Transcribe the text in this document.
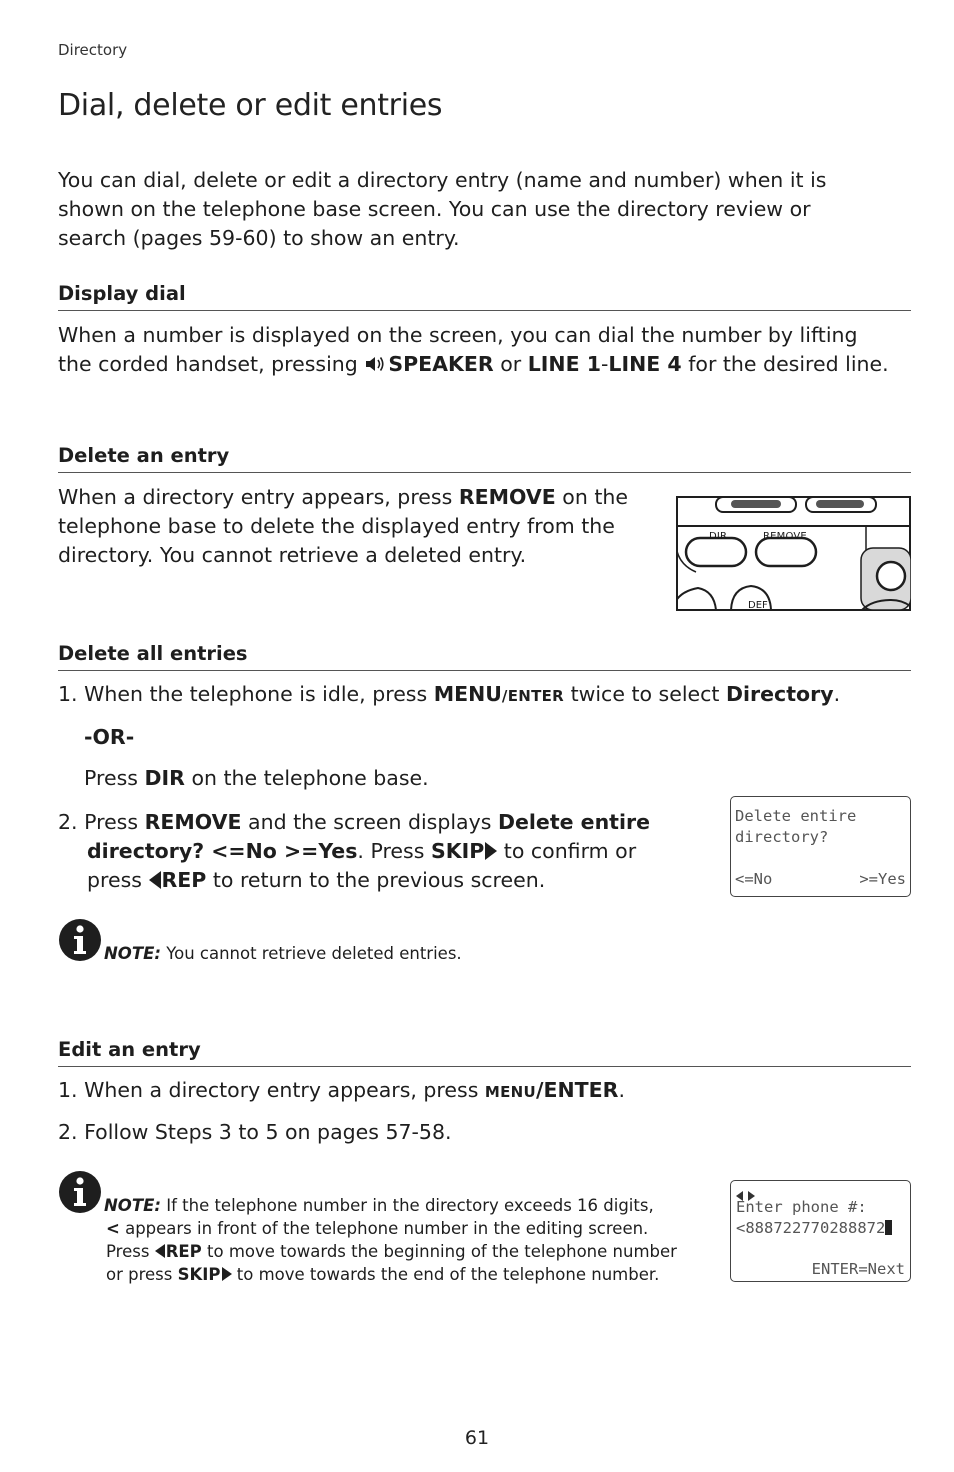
Directory
Dial, delete or edit entries
You can dial, delete or edit a directory entry (name and number) when it is
shown on the telephone base screen. You can use the directory review or
search (pages 59-60) to show an entry.
Display dial
When a number is displayed on the screen, you can dial the number by lifting
the corded handset, pressing SPEAKER or LINE 1-LINE 4 for the desired line.
Delete an entry
When a directory entry appears, press REMOVE on the
telephone base to delete the displayed entry from the
directory. You cannot retrieve a deleted entry.
DIR	REMOVE
DEF
Delete all entries
1. When the telephone is idle, press MENU/ENTER twice to select Directory.
-OR-
Press DIR on the telephone base.
2. Press REMOVE and the screen displays Delete entire
directory? <=No >=Yes. Press SKIP to confirm or
press REP to return to the previous screen.
Delete entire
directory?
<=No	>=Yes
NOTE: You cannot retrieve deleted entries.
Edit an entry
1. When a directory entry appears, press MENU/ENTER.
2. Follow Steps 3 to 5 on pages 57-58.
NOTE: If the telephone number in the directory exceeds 16 digits,
< appears in front of the telephone number in the editing screen.
Press REP to move towards the beginning of the telephone number
or press SKIP to move towards the end of the telephone number.
Enter phone #:
<888722770288872
ENTER=Next
61
